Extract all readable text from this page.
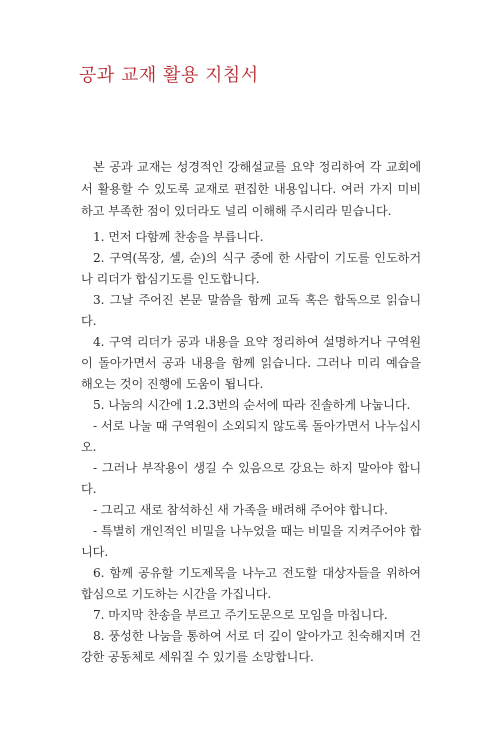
공과 교재 활용 지침서

본 공과 교재는 성경적인 강해설교를 요약 정리하여 각 교회에서 활용할 수 있도록 교재로 편집한 내용입니다. 여러 가지 미비하고 부족한 점이 있더라도 널리 이해해 주시리라 믿습니다.

1. 먼저 다함께 찬송을 부릅니다.
2. 구역(목장, 셀, 순)의 식구 중에 한 사람이 기도를 인도하거나 리더가 합심기도를 인도합니다.
3. 그날 주어진 본문 말씀을 함께 교독 혹은 합독으로 읽습니다.
4. 구역 리더가 공과 내용을 요약 정리하여 설명하거나 구역원이 돌아가면서 공과 내용을 함께 읽습니다. 그러나 미리 예습을 해오는 것이 진행에 도움이 됩니다.
5. 나눔의 시간에 1.2.3번의 순서에 따라 진솔하게 나눕니다.
- 서로 나눌 때 구역원이 소외되지 않도록 돌아가면서 나누십시오.
- 그러나 부작용이 생길 수 있음으로 강요는 하지 말아야 합니다.
- 그리고 새로 참석하신 새 가족을 배려해 주어야 합니다.
- 특별히 개인적인 비밀을 나누었을 때는 비밀을 지켜주어야 합니다.
6. 함께 공유할 기도제목을 나누고 전도할 대상자들을 위하여 합심으로 기도하는 시간을 가집니다.
7. 마지막 찬송을 부르고 주기도문으로 모임을 마칩니다.
8. 풍성한 나눔을 통하여 서로 더 깊이 알아가고 친숙해지며 건강한 공동체로 세워질 수 있기를 소망합니다.
